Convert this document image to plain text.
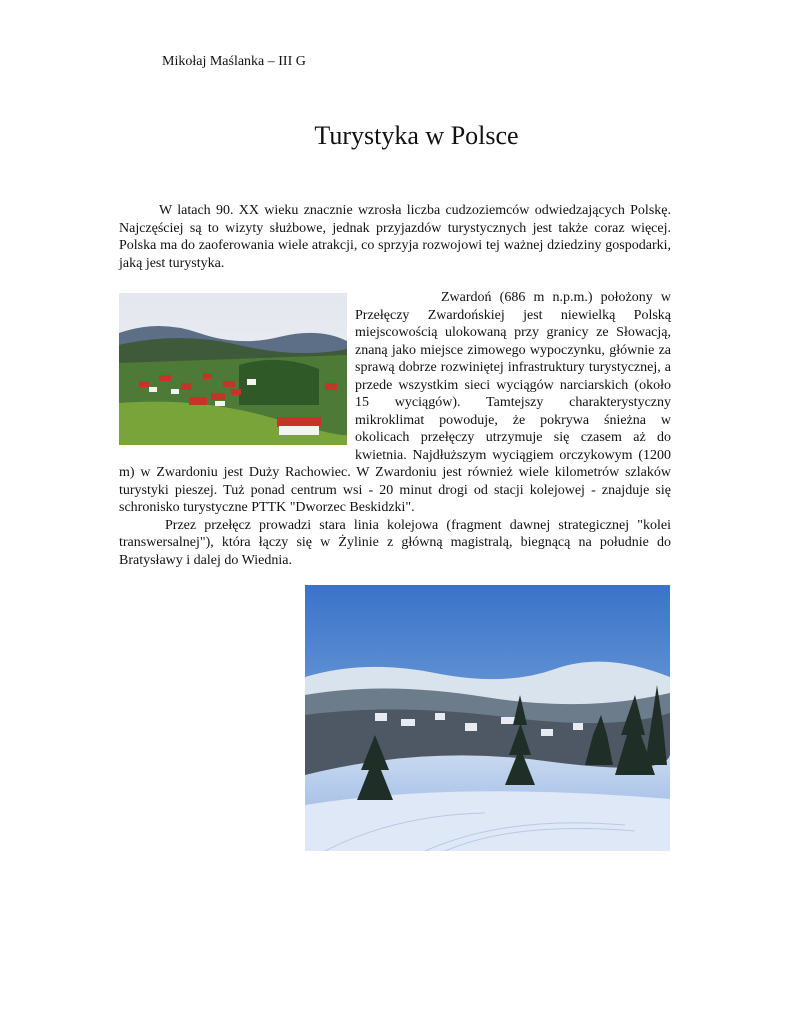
Mikołaj Maślanka – III G
Turystyka w Polsce

W latach 90. XX wieku znacznie wzrosła liczba cudzoziemców odwiedzających Polskę. Najczęściej są to wizyty służbowe, jednak przyjazdów turystycznych jest także coraz więcej. Polska ma do zaoferowania wiele atrakcji, co sprzyja rozwojowi tej ważnej dziedziny gospodarki, jaką jest turystyka.

Zwardoń (686 m n.p.m.) położony w Przełęczy Zwardońskiej jest niewielką Polską miejscowością ulokowaną przy granicy ze Słowacją, znaną jako miejsce zimowego wypoczynku, głównie za sprawą dobrze rozwiniętej infrastruktury turystycznej, a przede wszystkim sieci wyciągów narciarskich (około 15 wyciągów). Tamtejszy charakterystyczny mikroklimat powoduje, że pokrywa śnieżna w okolicach przełęczy utrzymuje się czasem aż do kwietnia. Najdłuższym wyciągiem orczykowym (1200 m) w Zwardoniu jest Duży Rachowiec. W Zwardoniu jest również wiele kilometrów szlaków turystyki pieszej. Tuż ponad centrum wsi - 20 minut drogi od stacji kolejowej - znajduje się schronisko turystyczne PTTK "Dworzec Beskidzki".

Przez przełęcz prowadzi stara linia kolejowa (fragment dawnej strategicznej "kolei transwersalnej"), która łączy się w Żylinie z główną magistralą, biegnącą na południe do Bratysławy i dalej do Wiednia.
